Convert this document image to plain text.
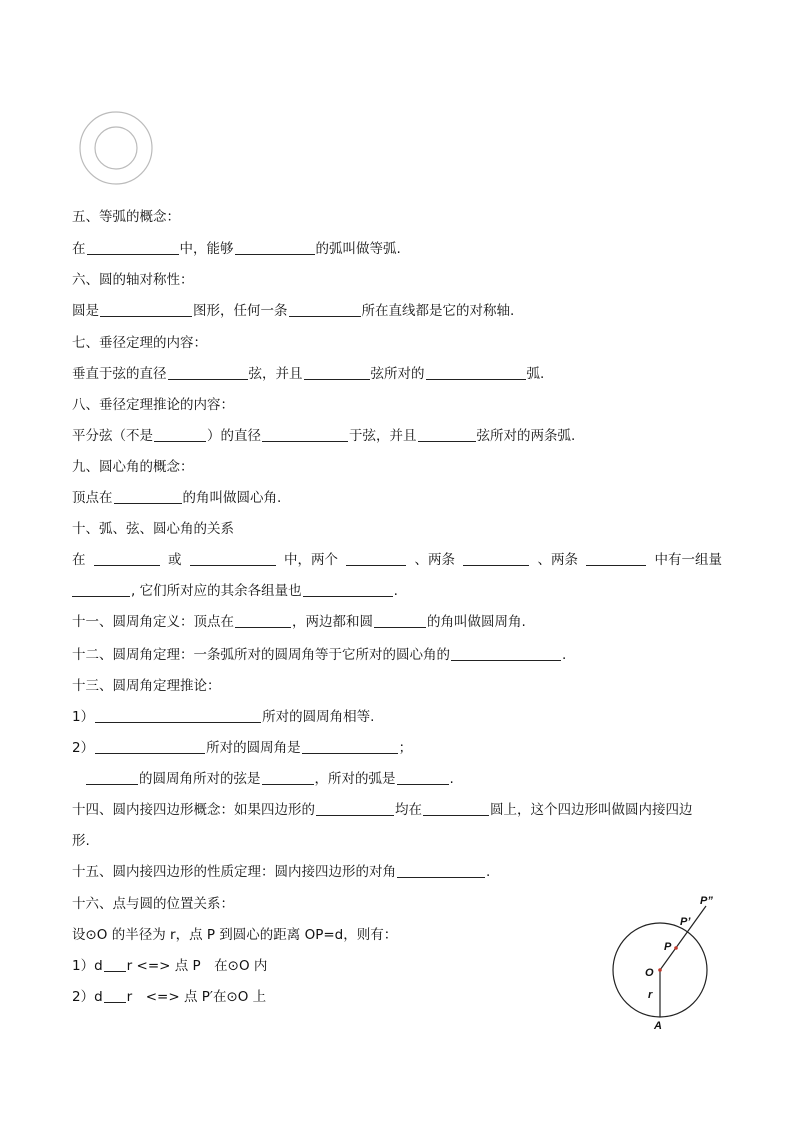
五、等弧的概念：
在	中，能够	的弧叫做等弧.
六、圆的轴对称性：
圆是	图形，任何一条	所在直线都是它的对称轴.
七、垂径定理的内容：
垂直于弦的直径	弦，并且	弦所对的	弧.
八、垂径定理推论的内容：
平分弦（不是	）的直径	于弦，并且	弦所对的两条弧.
九、圆心角的概念：
顶点在	的角叫做圆心角.
十、弧、弦、圆心角的关系
在	或	中，两个	、两条	、两条	中有一组量
, 它们所对应的其余各组量也	.
十一、圆周角定义：顶点在	，两边都和圆	的角叫做圆周角.
十二、圆周角定理：一条弧所对的圆周角等于它所对的圆心角的	.
十三、圆周角定理推论：
1）	所对的圆周角相等.
2）	所对的圆周角是	；
的圆周角所对的弦是	，所对的弧是	.
十四、圆内接四边形概念：如果四边形的	均在	圆上，这个四边形叫做圆内接四边
形.
十五、圆内接四边形的性质定理：圆内接四边形的对角	.
十六、点与圆的位置关系：
设⊙O 的半径为 r，点 P 到圆心的距离 OP=d，则有：
1）d r <=> 点 P　在⊙O 内
2）d r　<=> 点 P′在⊙O 上
O
P
P’
P”
r
A
